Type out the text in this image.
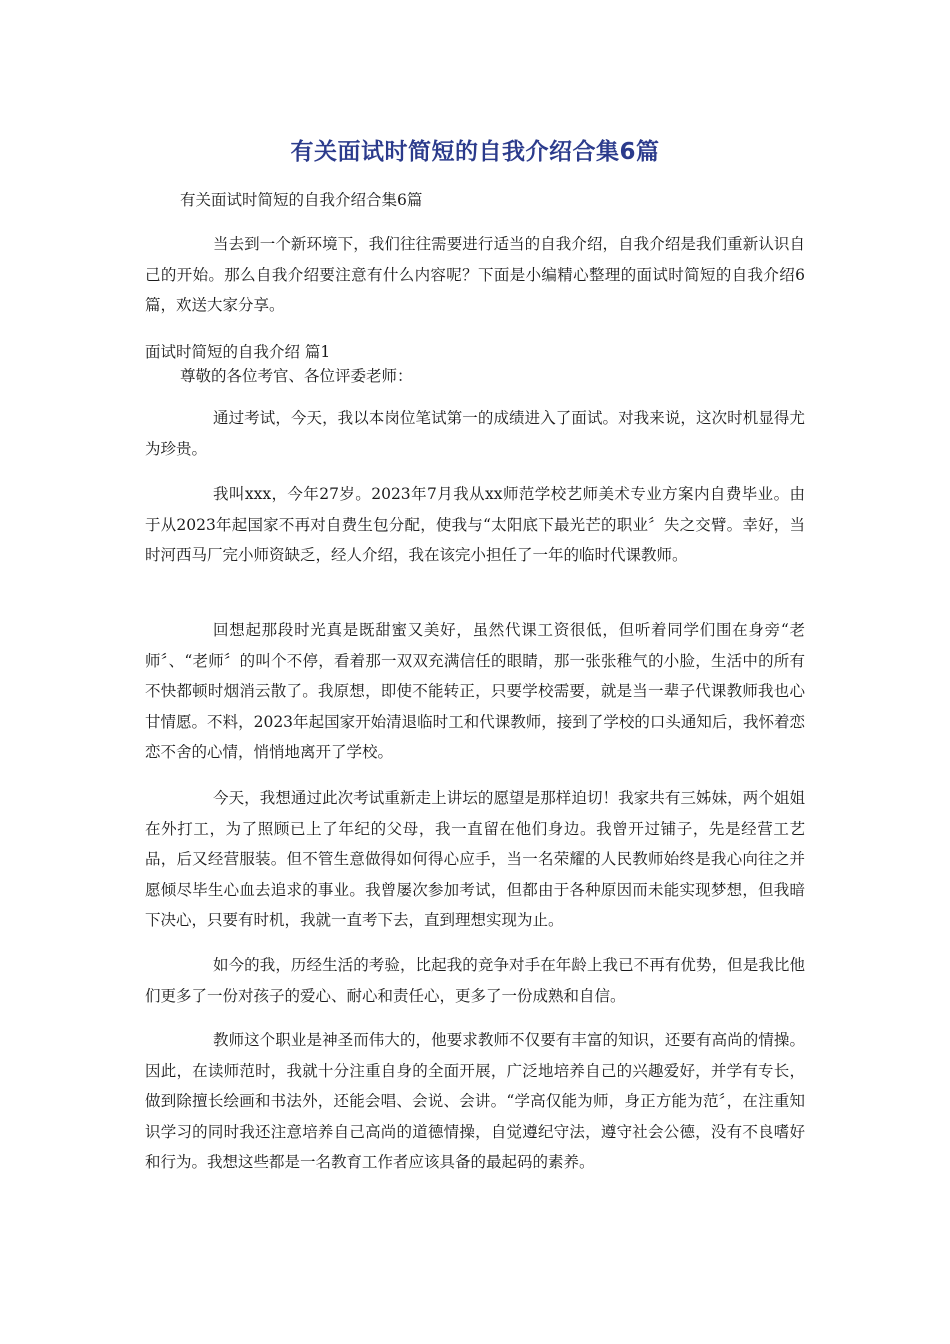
有关面试时简短的自我介绍合集6篇

有关面试时简短的自我介绍合集6篇

当去到一个新环境下，我们往往需要进行适当的自我介绍，自我介绍是我们重新认识自己的开始。那么自我介绍要注意有什么内容呢？下面是小编精心整理的面试时简短的自我介绍6篇，欢送大家分享。

面试时简短的自我介绍 篇1

尊敬的各位考官、各位评委老师：

通过考试，今天，我以本岗位笔试第一的成绩进入了面试。对我来说，这次时机显得尤为珍贵。

我叫xxx，今年27岁。2023年7月我从xx师范学校艺师美术专业方案内自费毕业。由于从2023年起国家不再对自费生包分配，使我与“太阳底下最光芒的职业〞失之交臂。幸好，当时河西马厂完小师资缺乏，经人介绍，我在该完小担任了一年的临时代课教师。

回想起那段时光真是既甜蜜又美好，虽然代课工资很低，但听着同学们围在身旁“老师〞、“老师〞的叫个不停，看着那一双双充满信任的眼睛，那一张张稚气的小脸，生活中的所有不快都顿时烟消云散了。我原想，即使不能转正，只要学校需要，就是当一辈子代课教师我也心甘情愿。不料，2023年起国家开始清退临时工和代课教师，接到了学校的口头通知后，我怀着恋恋不舍的心情，悄悄地离开了学校。

今天，我想通过此次考试重新走上讲坛的愿望是那样迫切！我家共有三姊妹，两个姐姐在外打工，为了照顾已上了年纪的父母，我一直留在他们身边。我曾开过铺子，先是经营工艺品，后又经营服装。但不管生意做得如何得心应手，当一名荣耀的人民教师始终是我心向往之并愿倾尽毕生心血去追求的事业。我曾屡次参加考试，但都由于各种原因而未能实现梦想，但我暗下决心，只要有时机，我就一直考下去，直到理想实现为止。

如今的我，历经生活的考验，比起我的竞争对手在年龄上我已不再有优势，但是我比他们更多了一份对孩子的爱心、耐心和责任心，更多了一份成熟和自信。

教师这个职业是神圣而伟大的，他要求教师不仅要有丰富的知识，还要有高尚的情操。因此，在读师范时，我就十分注重自身的全面开展，广泛地培养自己的兴趣爱好，并学有专长，做到除擅长绘画和书法外，还能会唱、会说、会讲。“学高仅能为师，身正方能为范〞，在注重知识学习的同时我还注意培养自己高尚的道德情操，自觉遵纪守法，遵守社会公德，没有不良嗜好和行为。我想这些都是一名教育工作者应该具备的最起码的素养。
